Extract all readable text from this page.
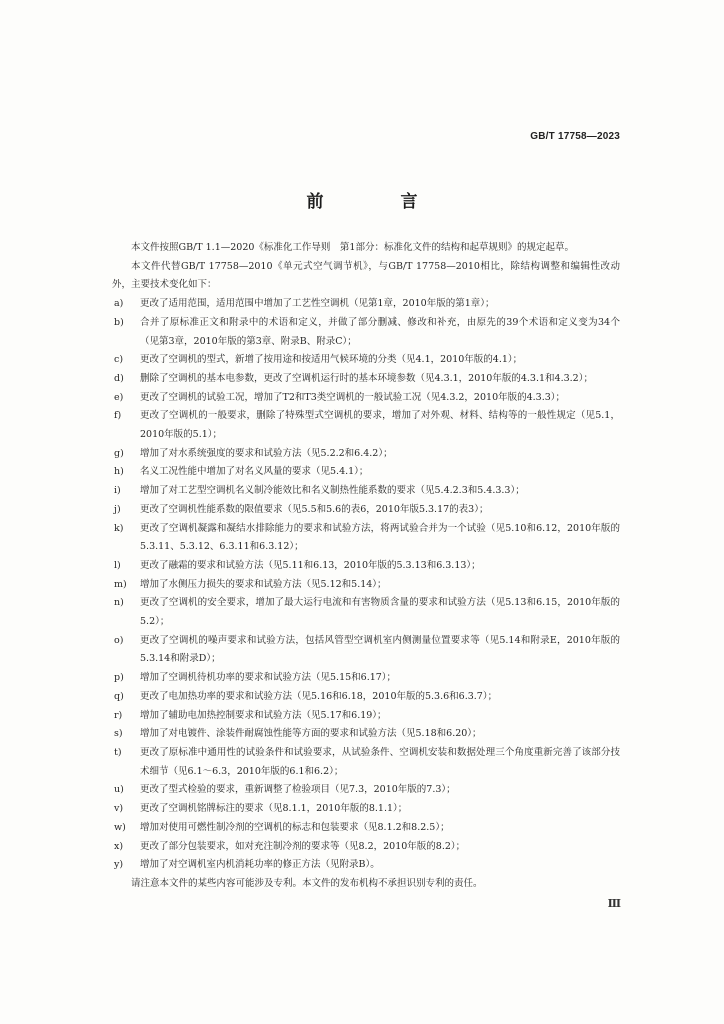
GB/T 17758—2023
前　言

本文件按照GB/T 1.1—2020《标准化工作导则　第1部分：标准化文件的结构和起草规则》的规定起草。

本文件代替GB/T 17758—2010《单元式空气调节机》，与GB/T 17758—2010相比，除结构调整和编辑性改动外，主要技术变化如下：

a)	更改了适用范围，适用范围中增加了工艺性空调机（见第1章，2010年版的第1章）；
b)	合并了原标准正文和附录中的术语和定义，并做了部分删减、修改和补充，由原先的39个术语和定义变为34个（见第3章，2010年版的第3章、附录B、附录C）；
c)	更改了空调机的型式，新增了按用途和按适用气候环境的分类（见4.1，2010年版的4.1）；
d)	删除了空调机的基本电参数，更改了空调机运行时的基本环境参数（见4.3.1，2010年版的4.3.1和4.3.2）；
e)	更改了空调机的试验工况，增加了T2和T3类空调机的一般试验工况（见4.3.2，2010年版的4.3.3）；
f)	更改了空调机的一般要求，删除了特殊型式空调机的要求，增加了对外观、材料、结构等的一般性规定（见5.1，2010年版的5.1）；
g)	增加了对水系统强度的要求和试验方法（见5.2.2和6.4.2）；
h)	名义工况性能中增加了对名义风量的要求（见5.4.1）；
i)	增加了对工艺型空调机名义制冷能效比和名义制热性能系数的要求（见5.4.2.3和5.4.3.3）；
j)	更改了空调机性能系数的限值要求（见5.5和5.6的表6，2010年版5.3.17的表3）；
k)	更改了空调机凝露和凝结水排除能力的要求和试验方法，将两试验合并为一个试验（见5.10和6.12，2010年版的5.3.11、5.3.12、6.3.11和6.3.12）；
l)	更改了融霜的要求和试验方法（见5.11和6.13，2010年版的5.3.13和6.3.13）；
m)	增加了水侧压力损失的要求和试验方法（见5.12和5.14）；
n)	更改了空调机的安全要求，增加了最大运行电流和有害物质含量的要求和试验方法（见5.13和6.15，2010年版的5.2）；
o)	更改了空调机的噪声要求和试验方法，包括风管型空调机室内侧测量位置要求等（见5.14和附录E，2010年版的5.3.14和附录D）；
p)	增加了空调机待机功率的要求和试验方法（见5.15和6.17）；
q)	更改了电加热功率的要求和试验方法（见5.16和6.18，2010年版的5.3.6和6.3.7）；
r)	增加了辅助电加热控制要求和试验方法（见5.17和6.19）；
s)	增加了对电镀件、涂装件耐腐蚀性能等方面的要求和试验方法（见5.18和6.20）；
t)	更改了原标准中通用性的试验条件和试验要求，从试验条件、空调机安装和数据处理三个角度重新完善了该部分技术细节（见6.1～6.3，2010年版的6.1和6.2）；
u)	更改了型式检验的要求，重新调整了检验项目（见7.3，2010年版的7.3）；
v)	更改了空调机铭牌标注的要求（见8.1.1，2010年版的8.1.1）；
w)	增加对使用可燃性制冷剂的空调机的标志和包装要求（见8.1.2和8.2.5）；
x)	更改了部分包装要求，如对充注制冷剂的要求等（见8.2，2010年版的8.2）；
y)	增加了对空调机室内机消耗功率的修正方法（见附录B）。

请注意本文件的某些内容可能涉及专利。本文件的发布机构不承担识别专利的责任。

Ⅲ
